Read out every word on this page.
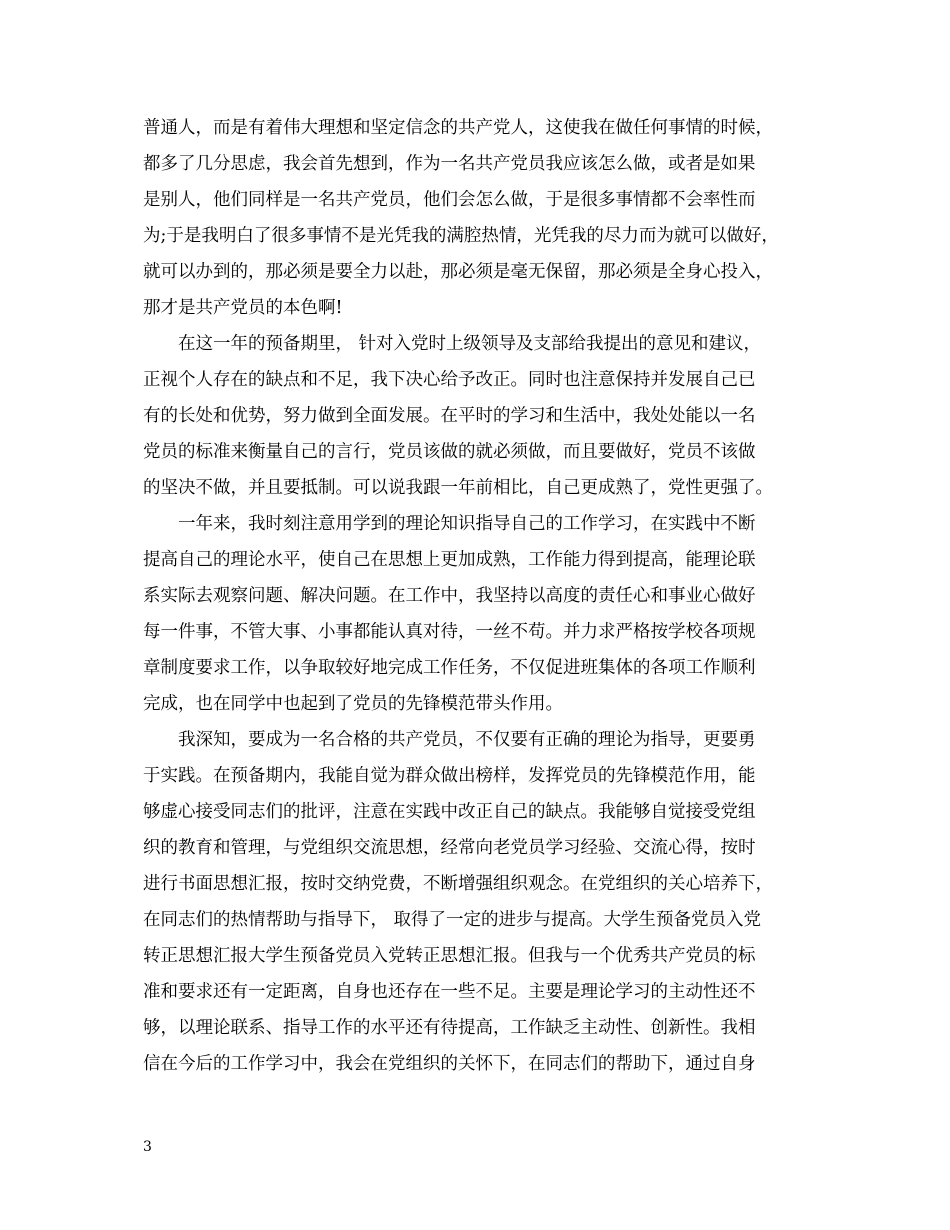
普通人，而是有着伟大理想和坚定信念的共产党人，这使我在做任何事情的时候，
都多了几分思虑，我会首先想到，作为一名共产党员我应该怎么做，或者是如果
是别人，他们同样是一名共产党员，他们会怎么做，于是很多事情都不会率性而
为;于是我明白了很多事情不是光凭我的满腔热情，光凭我的尽力而为就可以做好，
就可以办到的，那必须是要全力以赴，那必须是毫无保留，那必须是全身心投入，
那才是共产党员的本色啊!
在这一年的预备期里， 针对入党时上级领导及支部给我提出的意见和建议，
正视个人存在的缺点和不足，我下决心给予改正。同时也注意保持并发展自己已
有的长处和优势，努力做到全面发展。在平时的学习和生活中，我处处能以一名
党员的标准来衡量自己的言行，党员该做的就必须做，而且要做好，党员不该做
的坚决不做，并且要抵制。可以说我跟一年前相比，自己更成熟了，党性更强了。
一年来，我时刻注意用学到的理论知识指导自己的工作学习，在实践中不断
提高自己的理论水平，使自己在思想上更加成熟，工作能力得到提高，能理论联
系实际去观察问题、解决问题。在工作中，我坚持以高度的责任心和事业心做好
每一件事，不管大事、小事都能认真对待，一丝不苟。并力求严格按学校各项规
章制度要求工作，以争取较好地完成工作任务，不仅促进班集体的各项工作顺利
完成，也在同学中也起到了党员的先锋模范带头作用。
我深知，要成为一名合格的共产党员，不仅要有正确的理论为指导，更要勇
于实践。在预备期内，我能自觉为群众做出榜样，发挥党员的先锋模范作用，能
够虚心接受同志们的批评，注意在实践中改正自己的缺点。我能够自觉接受党组
织的教育和管理，与党组织交流思想，经常向老党员学习经验、交流心得，按时
进行书面思想汇报，按时交纳党费，不断增强组织观念。在党组织的关心培养下，
在同志们的热情帮助与指导下， 取得了一定的进步与提高。大学生预备党员入党
转正思想汇报大学生预备党员入党转正思想汇报。但我与一个优秀共产党员的标
准和要求还有一定距离，自身也还存在一些不足。主要是理论学习的主动性还不
够，以理论联系、指导工作的水平还有待提高，工作缺乏主动性、创新性。我相
信在今后的工作学习中，我会在党组织的关怀下，在同志们的帮助下，通过自身
3
